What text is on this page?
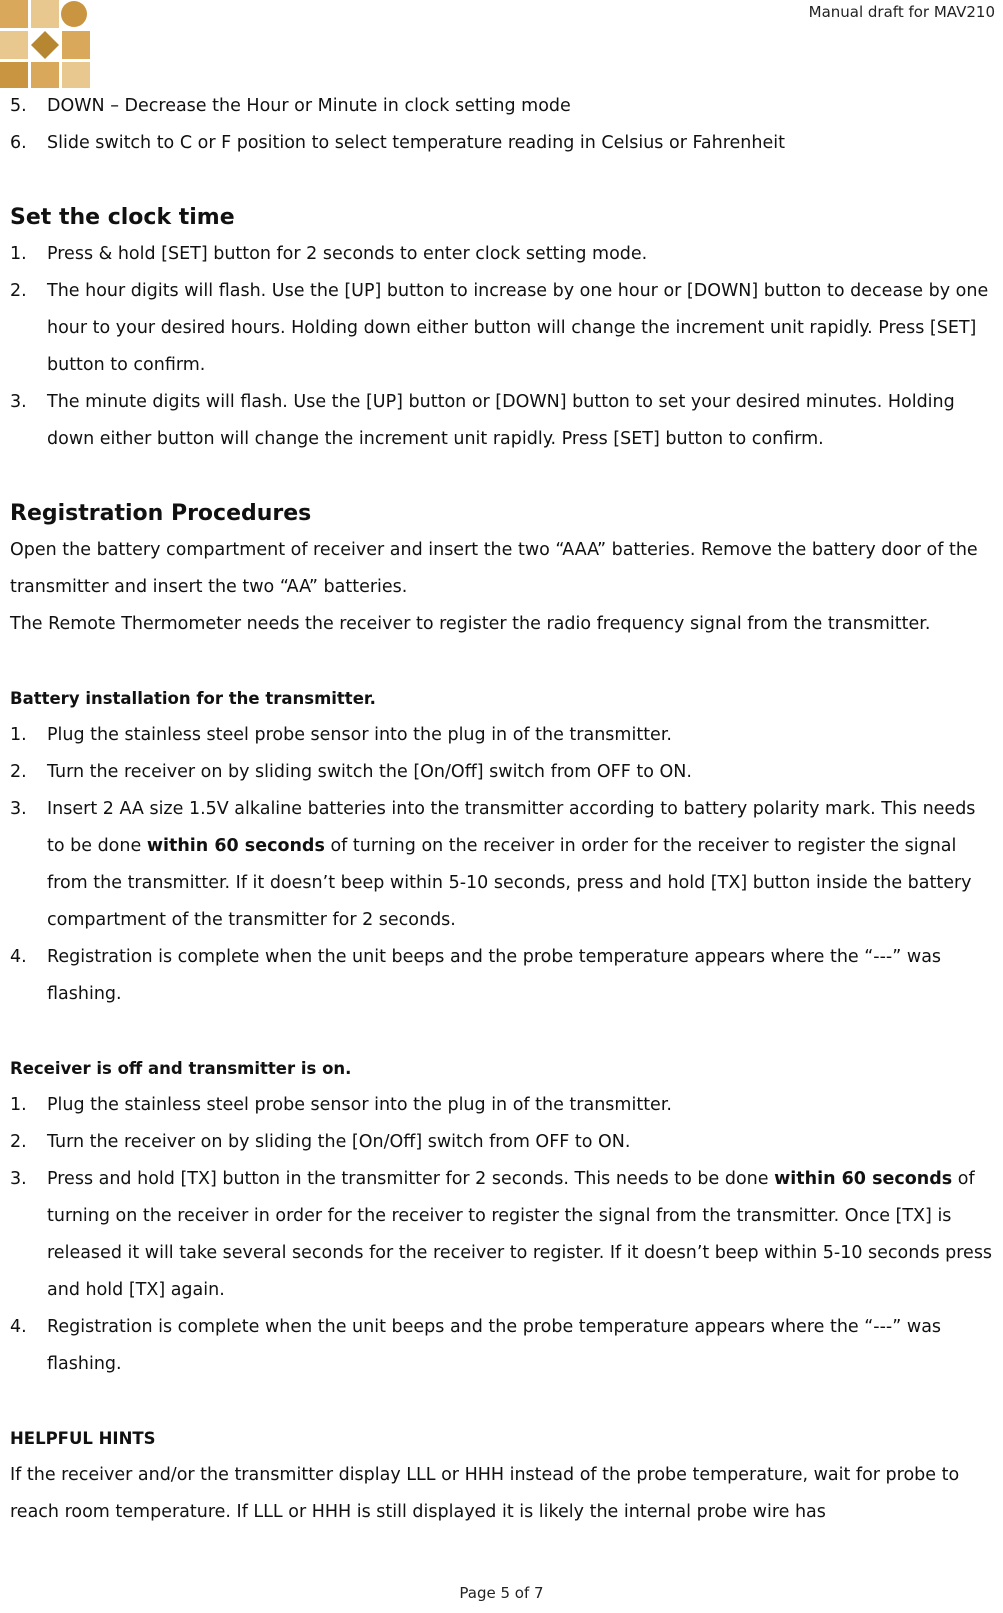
Manual draft for MAV210
5. DOWN – Decrease the Hour or Minute in clock setting mode
6. Slide switch to C or F position to select temperature reading in Celsius or Fahrenheit

Set the clock time

1. Press & hold [SET] button for 2 seconds to enter clock setting mode.
2. The hour digits will flash. Use the [UP] button to increase by one hour or [DOWN] button to decease by one hour to your desired hours. Holding down either button will change the increment unit rapidly. Press [SET] button to confirm.
3. The minute digits will flash. Use the [UP] button or [DOWN] button to set your desired minutes. Holding down either button will change the increment unit rapidly. Press [SET] button to confirm.

Registration Procedures

Open the battery compartment of receiver and insert the two “AAA” batteries. Remove the battery door of the transmitter and insert the two “AA” batteries.

The Remote Thermometer needs the receiver to register the radio frequency signal from the transmitter.

Battery installation for the transmitter.

1. Plug the stainless steel probe sensor into the plug in of the transmitter.
2. Turn the receiver on by sliding switch the [On/Off] switch from OFF to ON.
3. Insert 2 AA size 1.5V alkaline batteries into the transmitter according to battery polarity mark. This needs to be done within 60 seconds of turning on the receiver in order for the receiver to register the signal from the transmitter. If it doesn’t beep within 5-10 seconds, press and hold [TX] button inside the battery compartment of the transmitter for 2 seconds.
4. Registration is complete when the unit beeps and the probe temperature appears where the “---” was flashing.

Receiver is off and transmitter is on.

1. Plug the stainless steel probe sensor into the plug in of the transmitter.
2. Turn the receiver on by sliding the [On/Off] switch from OFF to ON.
3. Press and hold [TX] button in the transmitter for 2 seconds. This needs to be done within 60 seconds of turning on the receiver in order for the receiver to register the signal from the transmitter. Once [TX] is released it will take several seconds for the receiver to register. If it doesn’t beep within 5-10 seconds press and hold [TX] again.
4. Registration is complete when the unit beeps and the probe temperature appears where the “---” was flashing.

HELPFUL HINTS

If the receiver and/or the transmitter display LLL or HHH instead of the probe temperature, wait for probe to reach room temperature. If LLL or HHH is still displayed it is likely the internal probe wire has

Page 5 of 7
